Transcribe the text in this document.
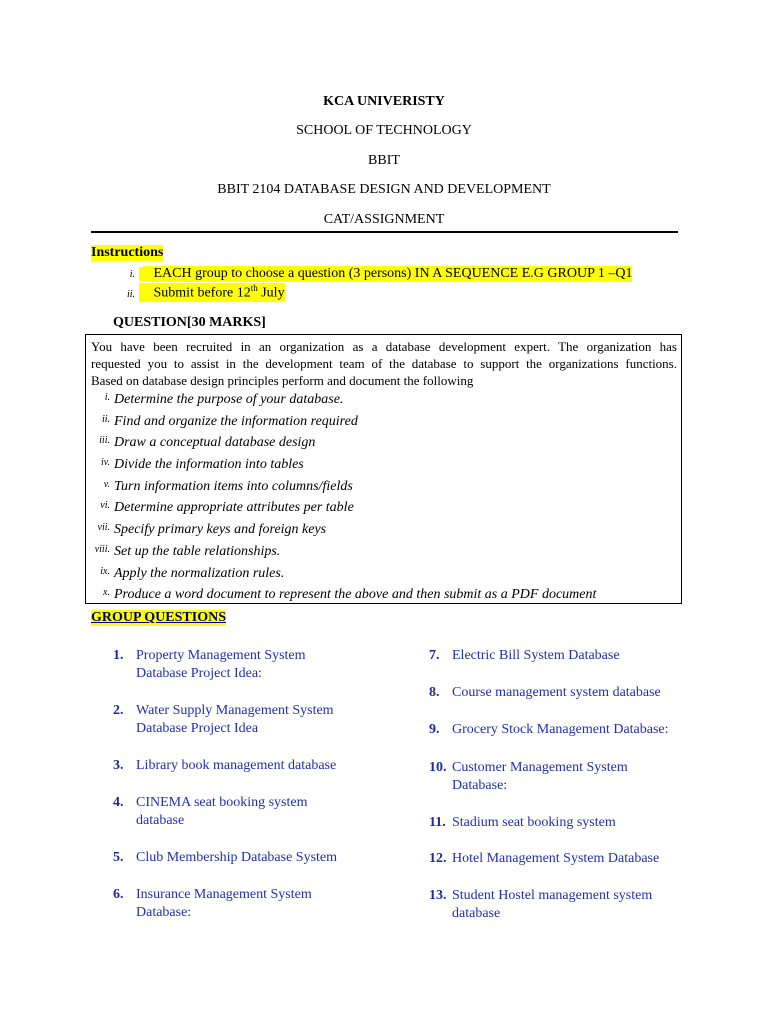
KCA UNIVERISTY
SCHOOL OF TECHNOLOGY
BBIT
BBIT 2104 DATABASE DESIGN AND DEVELOPMENT
CAT/ASSIGNMENT
Instructions
i. EACH group to choose a question (3 persons) IN A SEQUENCE E.G GROUP 1 –Q1
ii. Submit before 12th July
QUESTION[30 MARKS]
You have been recruited in an organization as a database development expert. The organization has
requested you to assist in the development team of the database to support the organizations functions.
Based on database design principles perform and document the following
i. Determine the purpose of your database.
ii. Find and organize the information required
iii. Draw a conceptual database design
iv. Divide the information into tables
v. Turn information items into columns/fields
vi. Determine appropriate attributes per table
vii. Specify primary keys and foreign keys
viii. Set up the table relationships.
ix. Apply the normalization rules.
x. Produce a word document to represent the above and then submit as a PDF document
GROUP QUESTIONS
1. Property Management System
Database Project Idea:
2. Water Supply Management System
Database Project Idea
3. Library book management database
4. CINEMA seat booking system
database
5. Club Membership Database System
6. Insurance Management System
Database:
7. Electric Bill System Database
8. Course management system database
9. Grocery Stock Management Database:
10. Customer Management System
Database:
11. Stadium seat booking system
12. Hotel Management System Database
13. Student Hostel management system
database
